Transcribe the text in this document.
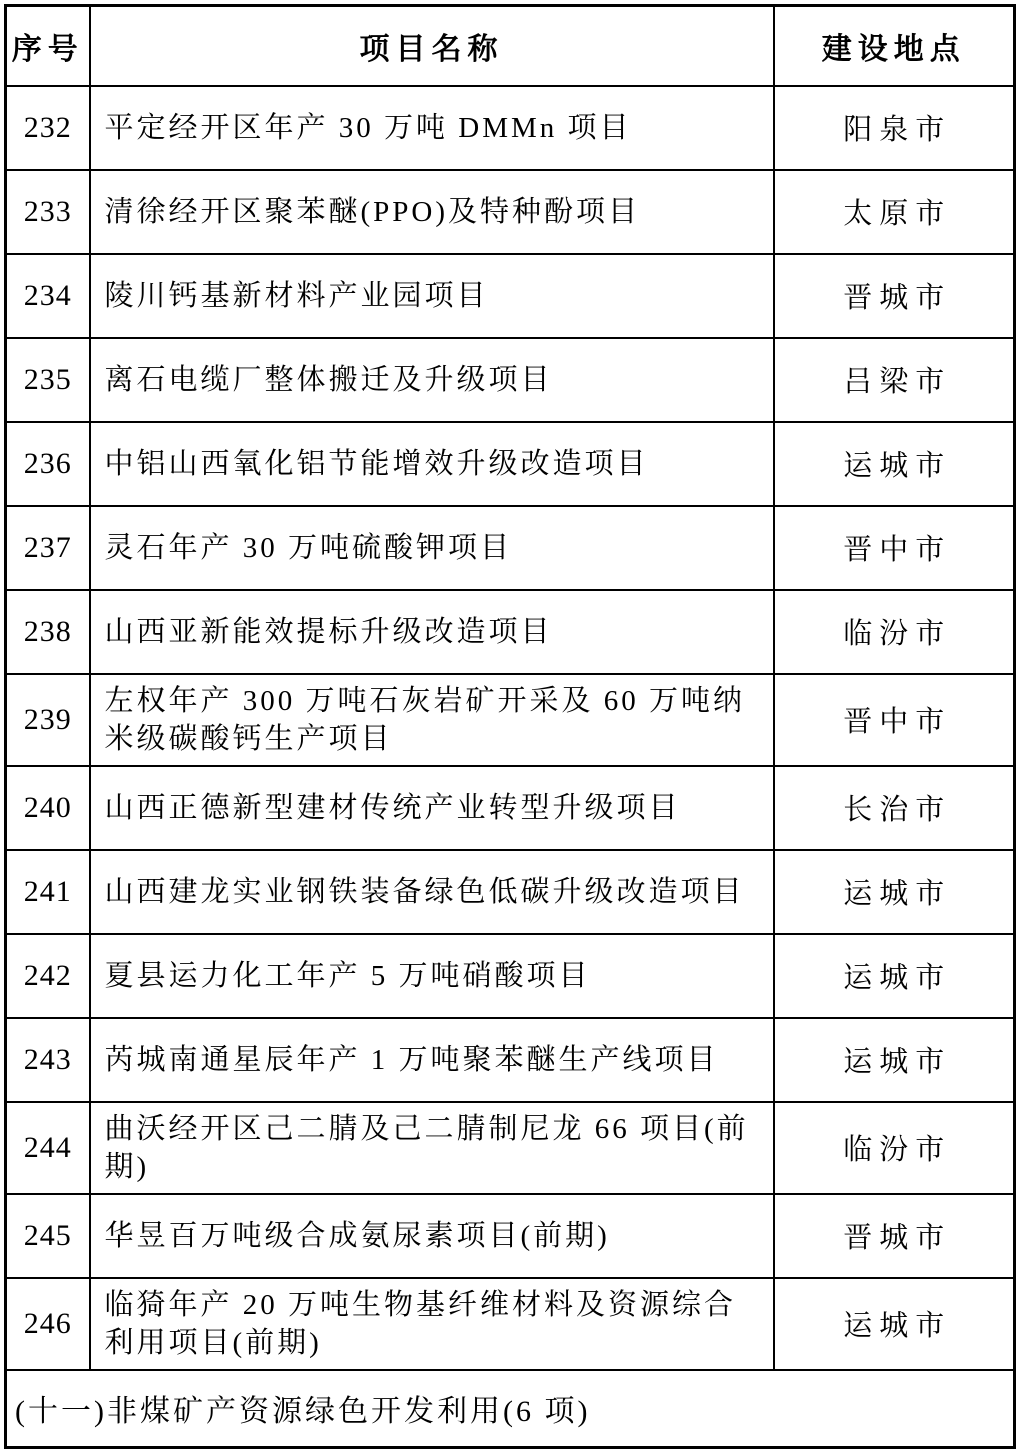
序号	项目名称	建设地点
232	平定经开区年产 30 万吨 DMMn 项目	阳泉市
233	清徐经开区聚苯醚(PPO)及特种酚项目	太原市
234	陵川钙基新材料产业园项目	晋城市
235	离石电缆厂整体搬迁及升级项目	吕梁市
236	中铝山西氧化铝节能增效升级改造项目	运城市
237	灵石年产 30 万吨硫酸钾项目	晋中市
238	山西亚新能效提标升级改造项目	临汾市
239	左权年产 300 万吨石灰岩矿开采及 60 万吨纳米级碳酸钙生产项目	晋中市
240	山西正德新型建材传统产业转型升级项目	长治市
241	山西建龙实业钢铁装备绿色低碳升级改造项目	运城市
242	夏县运力化工年产 5 万吨硝酸项目	运城市
243	芮城南通星辰年产 1 万吨聚苯醚生产线项目	运城市
244	曲沃经开区己二腈及己二腈制尼龙 66 项目(前期)	临汾市
245	华昱百万吨级合成氨尿素项目(前期)	晋城市
246	临猗年产 20 万吨生物基纤维材料及资源综合利用项目(前期)	运城市
(十一)非煤矿产资源绿色开发利用(6 项)		
